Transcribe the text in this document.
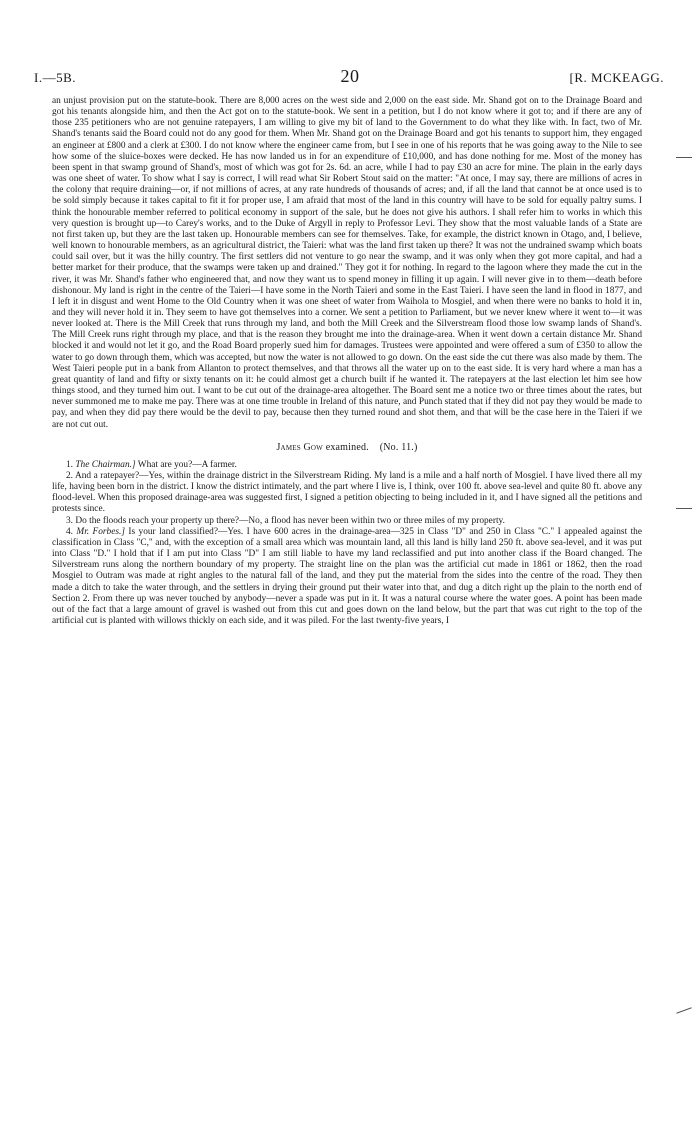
I.—5B.	20	[R. MCKEAGG.

an unjust provision put on the statute-book. There are 8,000 acres on the west side and 2,000 on the east side. Mr. Shand got on to the Drainage Board and got his tenants alongside him, and then the Act got on to the statute-book. We sent in a petition, but I do not know where it got to; and if there are any of those 235 petitioners who are not genuine ratepayers, I am willing to give my bit of land to the Government to do what they like with. In fact, two of Mr. Shand's tenants said the Board could not do any good for them. When Mr. Shand got on the Drainage Board and got his tenants to support him, they engaged an engineer at £800 and a clerk at £300. I do not know where the engineer came from, but I see in one of his reports that he was going away to the Nile to see how some of the sluice-boxes were decked. He has now landed us in for an expenditure of £10,000, and has done nothing for me. Most of the money has been spent in that swamp ground of Shand's, most of which was got for 2s. 6d. an acre, while I had to pay £30 an acre for mine. The plain in the early days was one sheet of water. To show what I say is correct, I will read what Sir Robert Stout said on the matter: "At once, I may say, there are millions of acres in the colony that require draining—or, if not millions of acres, at any rate hundreds of thousands of acres; and, if all the land that cannot be at once used is to be sold simply because it takes capital to fit it for proper use, I am afraid that most of the land in this country will have to be sold for equally paltry sums. I think the honourable member referred to political economy in support of the sale, but he does not give his authors. I shall refer him to works in which this very question is brought up—to Carey's works, and to the Duke of Argyll in reply to Professor Levi. They show that the most valuable lands of a State are not first taken up, but they are the last taken up. Honourable members can see for themselves. Take, for example, the district known in Otago, and, I believe, well known to honourable members, as an agricultural district, the Taieri: what was the land first taken up there? It was not the undrained swamp which boats could sail over, but it was the hilly country. The first settlers did not venture to go near the swamp, and it was only when they got more capital, and had a better market for their produce, that the swamps were taken up and drained." They got it for nothing. In regard to the lagoon where they made the cut in the river, it was Mr. Shand's father who engineered that, and now they want us to spend money in filling it up again. I will never give in to them—death before dishonour. My land is right in the centre of the Taieri—I have some in the North Taieri and some in the East Taieri. I have seen the land in flood in 1877, and I left it in disgust and went Home to the Old Country when it was one sheet of water from Waihola to Mosgiel, and when there were no banks to hold it in, and they will never hold it in. They seem to have got themselves into a corner. We sent a petition to Parliament, but we never knew where it went to—it was never looked at. There is the Mill Creek that runs through my land, and both the Mill Creek and the Silverstream flood those low swamp lands of Shand's. The Mill Creek runs right through my place, and that is the reason they brought me into the drainage-area. When it went down a certain distance Mr. Shand blocked it and would not let it go, and the Road Board properly sued him for damages. Trustees were appointed and were offered a sum of £350 to allow the water to go down through them, which was accepted, but now the water is not allowed to go down. On the east side the cut there was also made by them. The West Taieri people put in a bank from Allanton to protect themselves, and that throws all the water up on to the east side. It is very hard where a man has a great quantity of land and fifty or sixty tenants on it: he could almost get a church built if he wanted it. The ratepayers at the last election let him see how things stood, and they turned him out. I want to be cut out of the drainage-area altogether. The Board sent me a notice two or three times about the rates, but never summoned me to make me pay. There was at one time trouble in Ireland of this nature, and Punch stated that if they did not pay they would be made to pay, and when they did pay there would be the devil to pay, because then they turned round and shot them, and that will be the case here in the Taieri if we are not cut out.

James Gow examined. (No. 11.)

1. The Chairman.] What are you?—A farmer.

2. And a ratepayer?—Yes, within the drainage district in the Silverstream Riding. My land is a mile and a half north of Mosgiel. I have lived there all my life, having been born in the district. I know the district intimately, and the part where I live is, I think, over 100 ft. above sea-level and quite 80 ft. above any flood-level. When this proposed drainage-area was suggested first, I signed a petition objecting to being included in it, and I have signed all the petitions and protests since.

3. Do the floods reach your property up there?—No, a flood has never been within two or three miles of my property.

4. Mr. Forbes.] Is your land classified?—Yes. I have 600 acres in the drainage-area—325 in Class "D" and 250 in Class "C." I appealed against the classification in Class "C," and, with the exception of a small area which was mountain land, all this land is hilly land 250 ft. above sea-level, and it was put into Class "D." I hold that if I am put into Class "D" I am still liable to have my land reclassified and put into another class if the Board changed. The Silverstream runs along the northern boundary of my property. The straight line on the plan was the artificial cut made in 1861 or 1862, then the road Mosgiel to Outram was made at right angles to the natural fall of the land, and they put the material from the sides into the centre of the road. They then made a ditch to take the water through, and the settlers in drying their ground put their water into that, and dug a ditch right up the plain to the north end of Section 2. From there up was never touched by anybody—never a spade was put in it. It was a natural course where the water goes. A point has been made out of the fact that a large amount of gravel is washed out from this cut and goes down on the land below, but the part that was cut right to the top of the artificial cut is planted with willows thickly on each side, and it was piled. For the last twenty-five years, I
